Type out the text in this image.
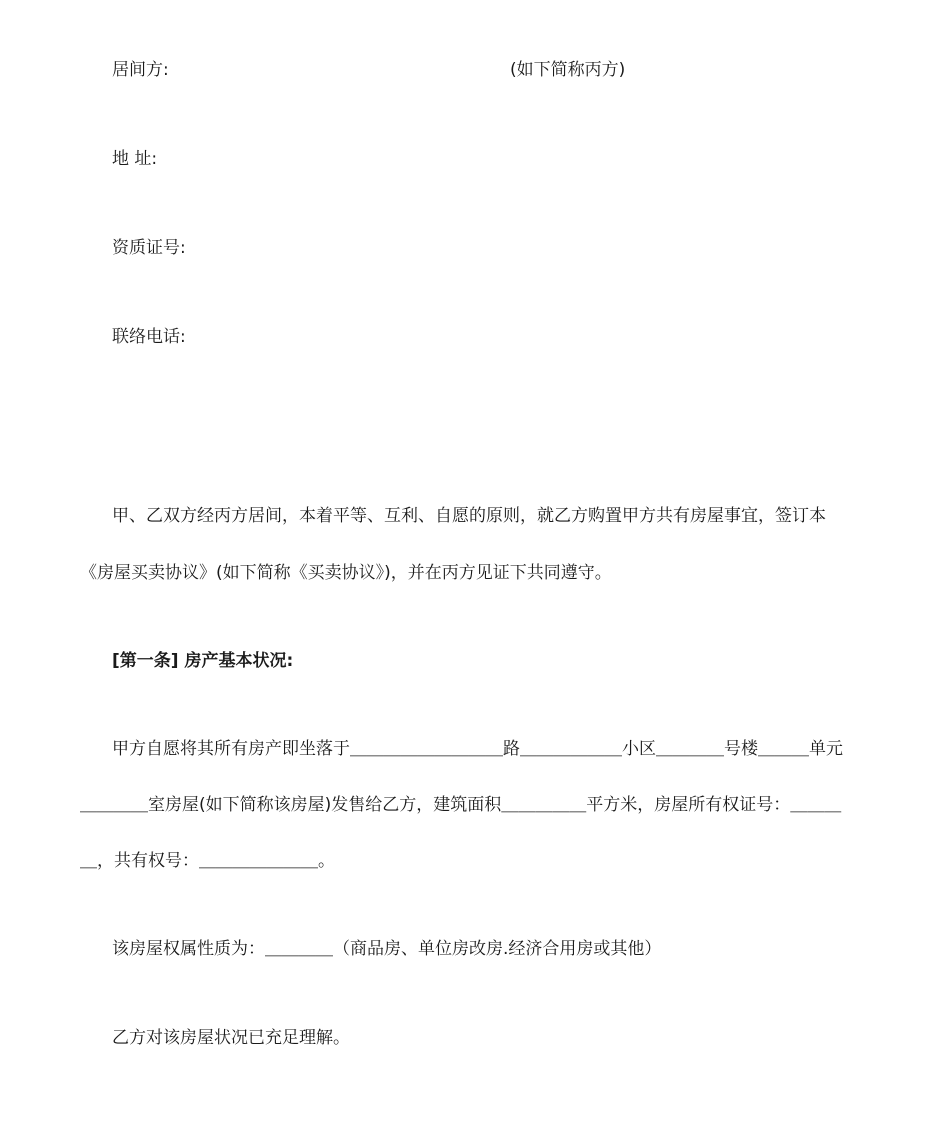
居间方:	(如下简称丙方)
地 址:
资质证号:
联络电话:
甲、乙双方经丙方居间，本着平等、互利、自愿的原则，就乙方购置甲方共有房屋事宜，签订本
《房屋买卖协议》(如下简称《买卖协议》)，并在丙方见证下共同遵守。
[第一条] 房产基本状况:
甲方自愿将其所有房产即坐落于＿＿＿＿＿＿＿＿＿路＿＿＿＿＿＿小区＿＿＿＿号楼＿＿＿单元
＿＿＿＿室房屋(如下简称该房屋)发售给乙方，建筑面积＿＿＿＿＿平方米，房屋所有权证号：＿＿＿
＿，共有权号：＿＿＿＿＿＿＿。
该房屋权属性质为：＿＿＿＿（商品房、单位房改房.经济合用房或其他）
乙方对该房屋状况已充足理解。
